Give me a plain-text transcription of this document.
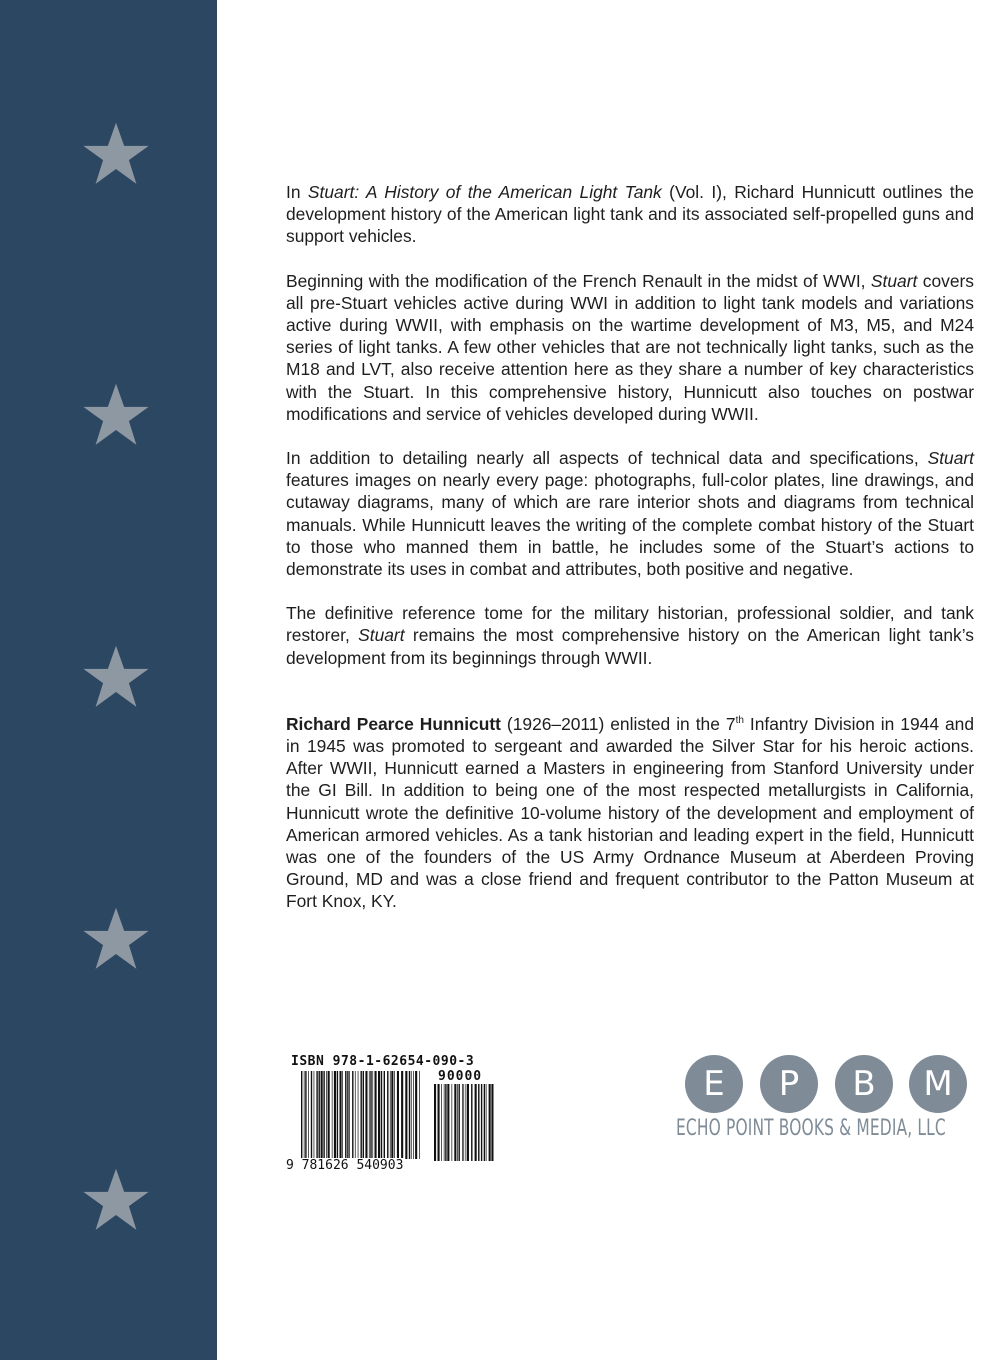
In Stuart: A History of the American Light Tank (Vol. I), Richard Hunnicutt outlines the development history of the American light tank and its associated self-propelled guns and support vehicles.

Beginning with the modification of the French Renault in the midst of WWI, Stuart covers all pre-Stuart vehicles active during WWI in addition to light tank models and variations active during WWII, with emphasis on the wartime development of M3, M5, and M24 series of light tanks. A few other vehicles that are not technically light tanks, such as the M18 and LVT, also receive attention here as they share a number of key characteristics with the Stuart. In this comprehensive history, Hunnicutt also touches on postwar modifications and service of vehicles developed during WWII.

In addition to detailing nearly all aspects of technical data and specifications, Stuart features images on nearly every page: photographs, full-color plates, line drawings, and cutaway diagrams, many of which are rare interior shots and diagrams from technical manuals. While Hunnicutt leaves the writing of the complete combat history of the Stuart to those who manned them in battle, he includes some of the Stuart’s actions to demonstrate its uses in combat and attributes, both positive and negative.

The definitive reference tome for the military historian, professional soldier, and tank restorer, Stuart remains the most comprehensive history on the American light tank’s development from its beginnings through WWII.

Richard Pearce Hunnicutt (1926–2011) enlisted in the 7th Infantry Division in 1944 and in 1945 was promoted to sergeant and awarded the Silver Star for his heroic actions. After WWII, Hunnicutt earned a Masters in engineering from Stanford University under the GI Bill. In addition to being one of the most respected metallurgists in California, Hunnicutt wrote the definitive 10-volume history of the development and employment of American armored vehicles. As a tank historian and leading expert in the field, Hunnicutt was one of the founders of the US Army Ordnance Museum at Aberdeen Proving Ground, MD and was a close friend and frequent contributor to the Patton Museum at Fort Knox, KY.

ISBN 978-1-62654-090-3
90000
9 781626 540903
E	P	B	M
ECHO POINT BOOKS & MEDIA, LLC
